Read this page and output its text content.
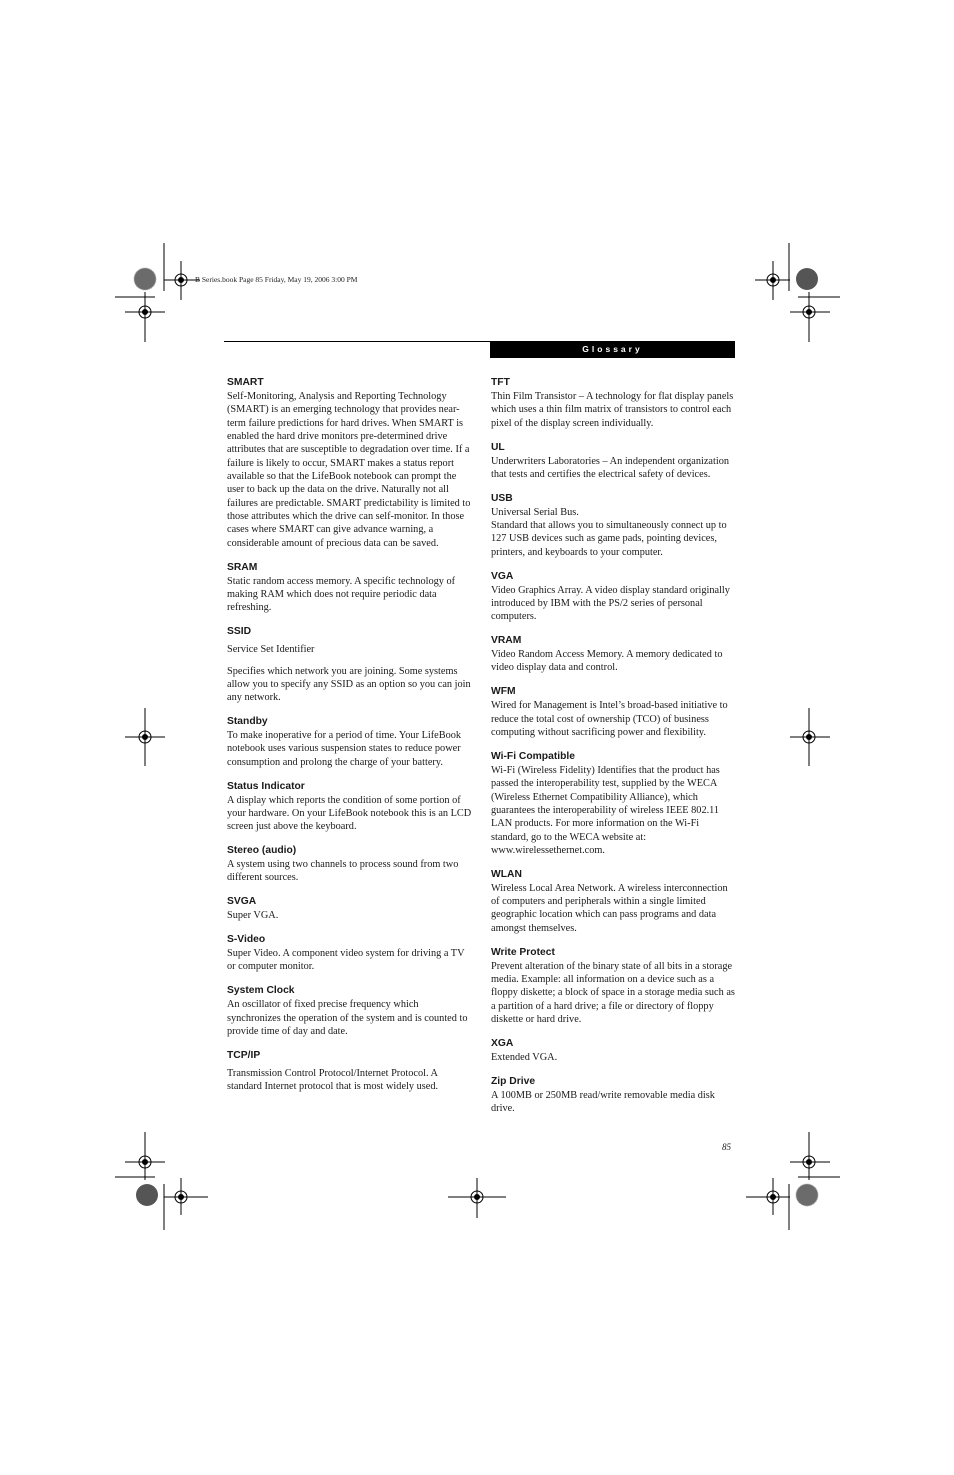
B Series.book Page 85 Friday, May 19, 2006 3:00 PM
Glossary

SMART

Self-Monitoring, Analysis and Reporting Technology (SMART) is an emerging technology that provides near-term failure predictions for hard drives. When SMART is enabled the hard drive monitors pre-determined drive attributes that are susceptible to degradation over time. If a failure is likely to occur, SMART makes a status report available so that the LifeBook notebook can prompt the user to back up the data on the drive. Naturally not all failures are predictable. SMART predictability is limited to those attributes which the drive can self-monitor. In those cases where SMART can give advance warning, a considerable amount of precious data can be saved.

SRAM

Static random access memory. A specific technology of making RAM which does not require periodic data refreshing.

SSID

Service Set Identifier

Specifies which network you are joining. Some systems allow you to specify any SSID as an option so you can join any network.

Standby

To make inoperative for a period of time. Your LifeBook notebook uses various suspension states to reduce power consumption and prolong the charge of your battery.

Status Indicator

A display which reports the condition of some portion of your hardware. On your LifeBook notebook this is an LCD screen just above the keyboard.

Stereo (audio)

A system using two channels to process sound from two different sources.

SVGA

Super VGA.

S-Video

Super Video. A component video system for driving a TV or computer monitor.

System Clock

An oscillator of fixed precise frequency which synchronizes the operation of the system and is counted to provide time of day and date.

TCP/IP

Transmission Control Protocol/Internet Protocol. A standard Internet protocol that is most widely used.

TFT

Thin Film Transistor – A technology for flat display panels which uses a thin film matrix of transistors to control each pixel of the display screen individually.

UL

Underwriters Laboratories – An independent organization that tests and certifies the electrical safety of devices.

USB

Universal Serial Bus.

Standard that allows you to simultaneously connect up to 127 USB devices such as game pads, pointing devices, printers, and keyboards to your computer.

VGA

Video Graphics Array. A video display standard originally introduced by IBM with the PS/2 series of personal computers.

VRAM

Video Random Access Memory. A memory dedicated to video display data and control.

WFM

Wired for Management is Intel’s broad-based initiative to reduce the total cost of ownership (TCO) of business computing without sacrificing power and flexibility.

Wi-Fi Compatible

Wi-Fi (Wireless Fidelity) Identifies that the product has passed the interoperability test, supplied by the WECA (Wireless Ethernet Compatibility Alliance), which guarantees the interoperability of wireless IEEE 802.11 LAN products. For more information on the Wi-Fi standard, go to the WECA website at: www.wirelessethernet.com.

WLAN

Wireless Local Area Network. A wireless interconnection of computers and peripherals within a single limited geographic location which can pass programs and data amongst themselves.

Write Protect

Prevent alteration of the binary state of all bits in a storage media. Example: all information on a device such as a floppy diskette; a block of space in a storage media such as a partition of a hard drive; a file or directory of floppy diskette or hard drive.

XGA

Extended VGA.

Zip Drive

A 100MB or 250MB read/write removable media disk drive.

85
